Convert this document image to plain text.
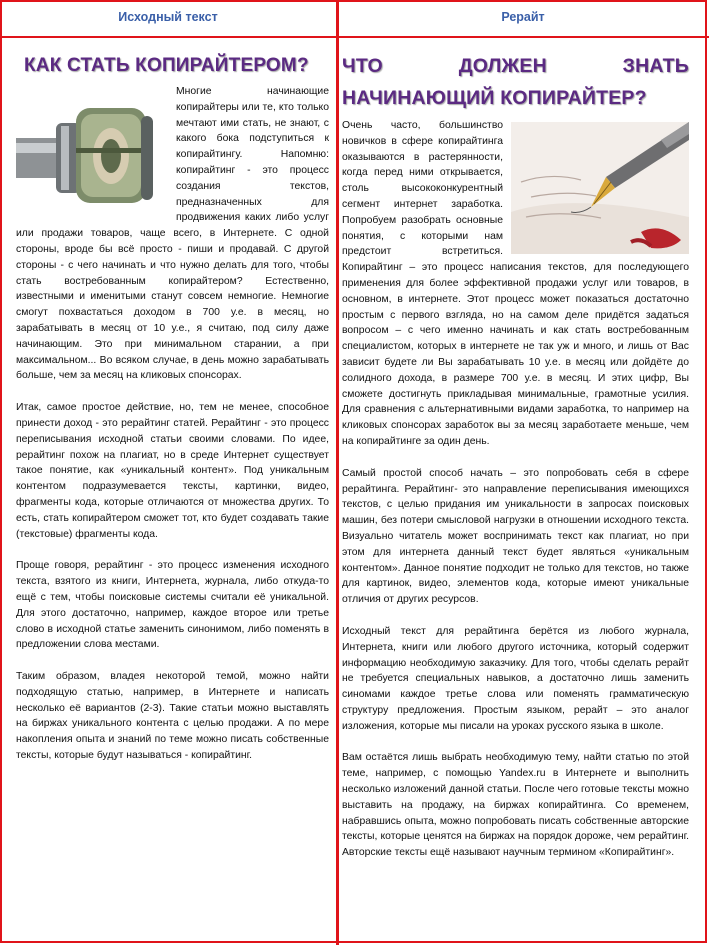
Исходный текст	Рерайт
КАК СТАТЬ КОПИРАЙТЕРОМ?

Многие начинающие копирайтеры или те, кто только мечтают ими стать, не знают, с какого бока подступиться к копирайтингу. Напомню: копирайтинг - это процесс создания текстов, предназначенных для продвижения каких либо услуг или продажи товаров, чаще всего, в Интернете. С одной стороны, вроде бы всё просто - пиши и продавай. С другой стороны - с чего начинать и что нужно делать для того, чтобы стать востребованным копирайтером? Естественно, известными и именитыми станут совсем немногие. Немногие смогут похвастаться доходом в 700 у.е. в месяц, но зарабатывать в месяц от 10 у.е., я считаю, под силу даже начинающим. Это при минимальном старании, а при максимальном... Во всяком случае, в день можно зарабатывать больше, чем за месяц на кликовых спонсорах.

Итак, самое простое действие, но, тем не менее, способное принести доход - это рерайтинг статей. Рерайтинг - это процесс переписывания исходной статьи своими словами. По идее, рерайтинг похож на плагиат, но в среде Интернет существует такое понятие, как «уникальный контент». Под уникальным контентом подразумевается тексты, картинки, видео, фрагменты кода, которые отличаются от множества других. То есть, стать копирайтером сможет тот, кто будет создавать такие (текстовые) фрагменты кода.

Проще говоря, рерайтинг - это процесс изменения исходного текста, взятого из книги, Интернета, журнала, либо откуда-то ещё с тем, чтобы поисковые системы считали её уникальной. Для этого достаточно, например, каждое второе или третье слово в исходной статье заменить синонимом, либо поменять в предложении слова местами.

Таким образом, владея некоторой темой, можно найти подходящую статью, например, в Интернете и написать несколько её вариантов (2-3). Такие статьи можно выставлять на биржах уникального контента с целью продажи. А по мере накопления опыта и знаний по теме можно писать собственные тексты, которые будут называться - копирайтинг.

ЧТО ДОЛЖЕН ЗНАТЬ НАЧИНАЮЩИЙ КОПИРАЙТЕР?

Очень часто, большинство новичков в сфере копирайтинга оказываются в растерянности, когда перед ними открывается, столь высококонкурентный сегмент интернет заработка. Попробуем разобрать основные понятия, с которыми нам предстоит встретиться. Копирайтинг – это процесс написания текстов, для последующего применения для более эффективной продажи услуг или товаров, в основном, в интернете. Этот процесс может показаться достаточно простым с первого взгляда, но на самом деле придётся задаться вопросом – с чего именно начинать и как стать востребованным специалистом, которых в интернете не так уж и много, и лишь от Вас зависит будете ли Вы зарабатывать 10 у.е. в месяц или дойдёте до солидного дохода, в размере 700 у.е. в месяц. И этих цифр, Вы сможете достигнуть прикладывая минимальные, грамотные усилия. Для сравнения с альтернативными видами заработка, то например на кликовых спонсорах заработок вы за месяц заработаете меньше, чем на копирайтинге за один день.

Самый простой способ начать – это попробовать себя в сфере рерайтинга. Рерайтинг- это направление переписывания имеющихся текстов, с целью придания им уникальности в запросах поисковых машин, без потери смысловой нагрузки в отношении исходного текста. Визуально читатель может воспринимать текст как плагиат, но при этом для интернета данный текст будет являться «уникальным контентом». Данное понятие подходит не только для текстов, но также для картинок, видео, элементов кода, которые имеют уникальные отличия от других ресурсов.

Исходный текст для рерайтинга берётся из любого журнала, Интернета, книги или любого другого источника, который содержит информацию необходимую заказчику. Для того, чтобы сделать рерайт не требуется специальных навыков, а достаточно лишь заменить синомами каждое третье слова или поменять грамматическую структуру предложения. Простым языком, рерайт – это аналог изложения, которые мы писали на уроках русского языка в школе.

Вам остаётся лишь выбрать необходимую тему, найти статью по этой теме, например, с помощью Yandex.ru в Интернете и выполнить несколько изложений данной статьи. После чего готовые тексты можно выставить на продажу, на биржах копирайтинга. Со временем, набравшись опыта, можно попробовать писать собственные авторские тексты, которые ценятся на биржах на порядок дороже, чем рерайтинг. Авторские тексты ещё называют научным термином «Копирайтинг».
